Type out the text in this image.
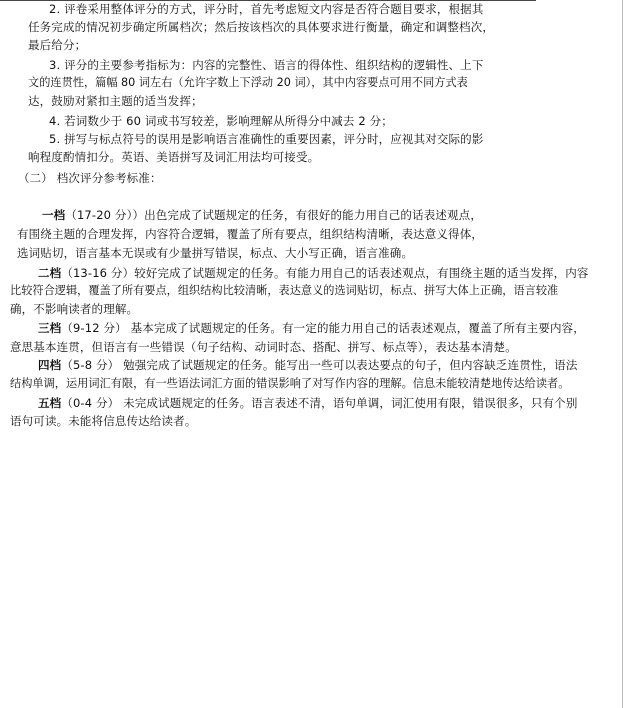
2. 评卷采用整体评分的方式，评分时，首先考虑短文内容是否符合题目要求，根据其
任务完成的情况初步确定所属档次；然后按该档次的具体要求进行衡量，确定和调整档次，
最后给分；
3. 评分的主要参考指标为：内容的完整性、语言的得体性、组织结构的逻辑性、上下
文的连贯性，篇幅 80 词左右（允许字数上下浮动 20 词），其中内容要点可用不同方式表
达，鼓励对紧扣主题的适当发挥；
4. 若词数少于 60 词或书写较差，影响理解从所得分中减去 2 分；
5. 拼写与标点符号的误用是影响语言准确性的重要因素，评分时，应视其对交际的影
响程度酌情扣分。英语、美语拼写及词汇用法均可接受。
（二） 档次评分参考标准：
一档（17-20 分））出色完成了试题规定的任务，有很好的能力用自己的话表述观点，
有围绕主题的合理发挥，内容符合逻辑，覆盖了所有要点，组织结构清晰，表达意义得体，
选词贴切，语言基本无误或有少量拼写错误，标点、大小写正确，语言准确。
二档（13-16 分）较好完成了试题规定的任务。有能力用自己的话表述观点，有围绕主题的适当发挥，内容
比较符合逻辑，覆盖了所有要点，组织结构比较清晰，表达意义的选词贴切，标点、拼写大体上正确，语言较准
确，不影响读者的理解。
三档（9-12 分） 基本完成了试题规定的任务。有一定的能力用自己的话表述观点，覆盖了所有主要内容，
意思基本连贯，但语言有一些错误（句子结构、动词时态、搭配、拼写、标点等），表达基本清楚。
四档（5-8 分） 勉强完成了试题规定的任务。能写出一些可以表达要点的句子，但内容缺乏连贯性，语法
结构单调，运用词汇有限，有一些语法词汇方面的错误影响了对写作内容的理解。信息未能较清楚地传达给读者。
五档（0-4 分） 未完成试题规定的任务。语言表述不清，语句单调，词汇使用有限，错误很多，只有个别
语句可读。未能将信息传达给读者。
